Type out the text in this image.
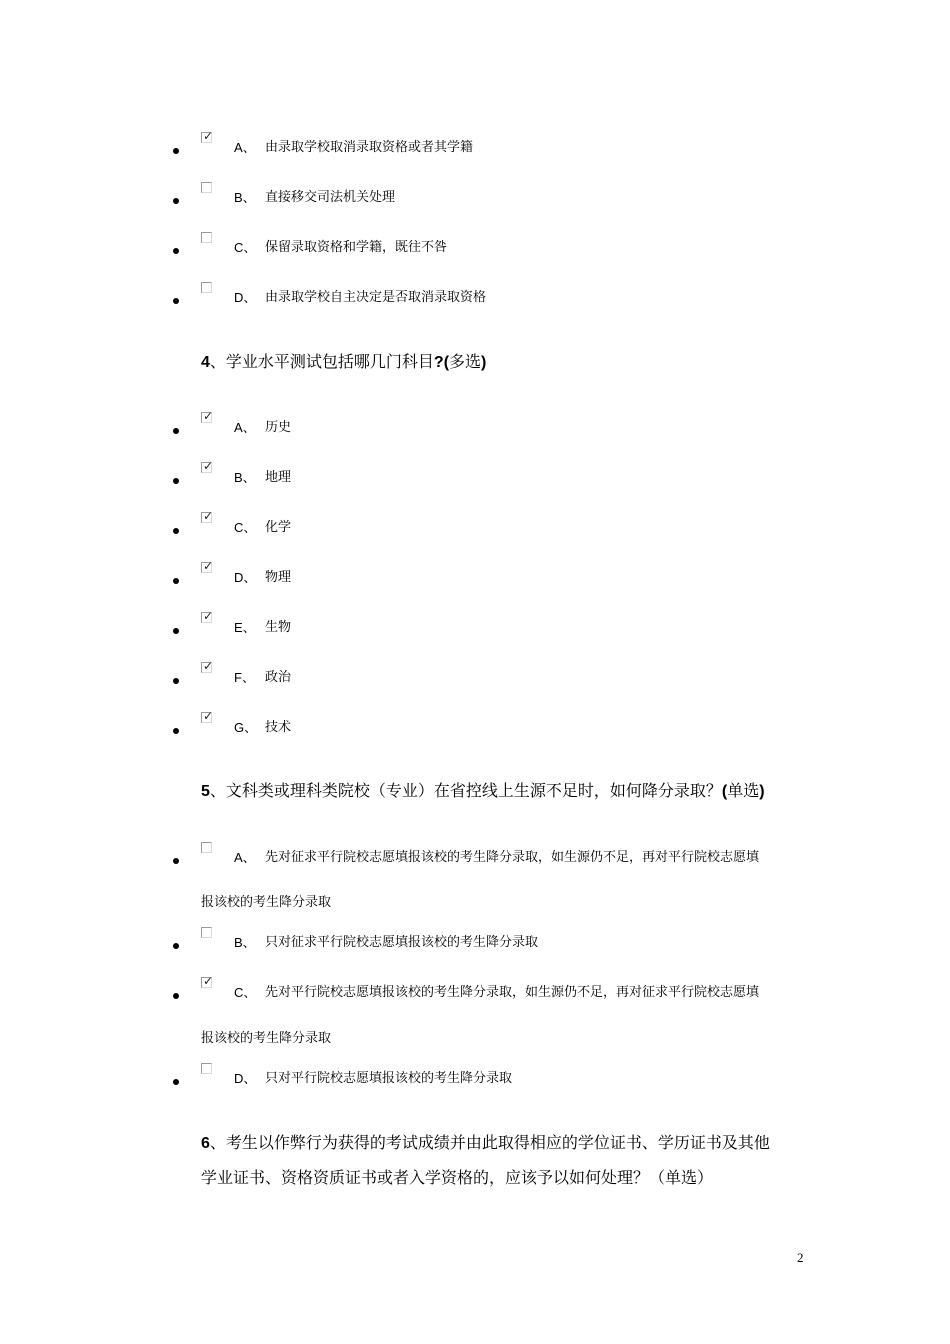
✓
A、 由录取学校取消录取资格或者其学籍
B、 直接移交司法机关处理
C、 保留录取资格和学籍，既往不咎
D、 由录取学校自主决定是否取消录取资格
4、学业水平测试包括哪几门科目?(多选)
✓
A、 历史
✓
B、 地理
✓
C、 化学
✓
D、 物理
✓
E、 生物
✓
F、 政治
✓
G、 技术
5、文科类或理科类院校（专业）在省控线上生源不足时，如何降分录取？(单选)
A、 先对征求平行院校志愿填报该校的考生降分录取，如生源仍不足，再对平行院校志愿填
报该校的考生降分录取
B、 只对征求平行院校志愿填报该校的考生降分录取
✓
C、 先对平行院校志愿填报该校的考生降分录取，如生源仍不足，再对征求平行院校志愿填
报该校的考生降分录取
D、 只对平行院校志愿填报该校的考生降分录取
6、考生以作弊行为获得的考试成绩并由此取得相应的学位证书、学历证书及其他
学业证书、资格资质证书或者入学资格的，应该予以如何处理？（单选）
2
